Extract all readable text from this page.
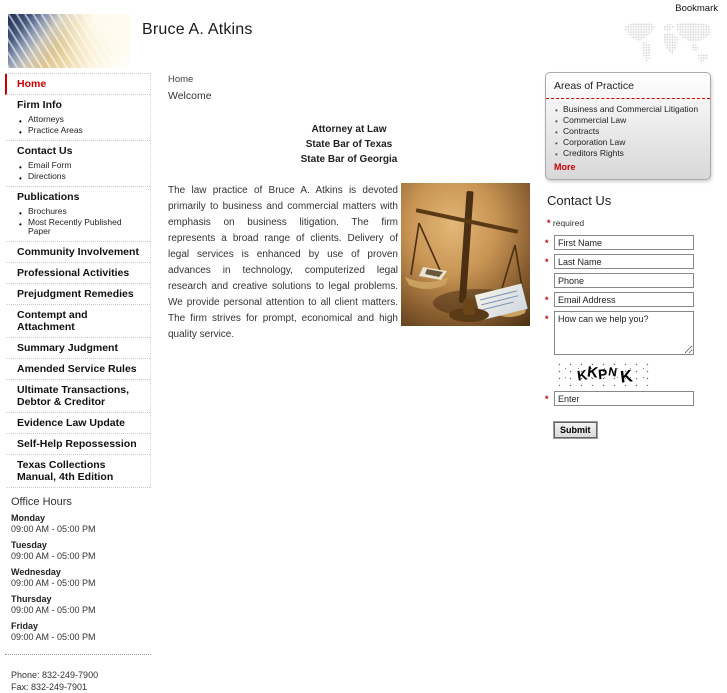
Bookmark
Bruce A. Atkins
Home
Firm Info
• Attorneys
• Practice Areas
Contact Us
• Email Form
• Directions
Publications
• Brochures
• Most Recently Published Paper
Community Involvement
Professional Activities
Prejudgment Remedies
Contempt and Attachment
Summary Judgment
Amended Service Rules
Ultimate Transactions, Debtor & Creditor
Evidence Law Update
Self-Help Repossession
Texas Collections Manual, 4th Edition
Office Hours
Monday
09:00 AM - 05:00 PM
Tuesday
09:00 AM - 05:00 PM
Wednesday
09:00 AM - 05:00 PM
Thursday
09:00 AM - 05:00 PM
Friday
09:00 AM - 05:00 PM
Phone: 832-249-7900
Fax: 832-249-7901
Home
Welcome
Attorney at Law
State Bar of Texas
State Bar of Georgia

The law practice of Bruce A. Atkins is devoted primarily to business and commercial matters with emphasis on business litigation. The firm represents a broad range of clients. Delivery of legal services is enhanced by use of proven advances in technology, computerized legal research and creative solutions to legal problems. We provide personal attention to all client matters. The firm strives for prompt, economical and high quality service.

Areas of Practice
• Business and Commercial Litigation
• Commercial Law
• Contracts
• Corporation Law
• Creditors Rights
More
Contact Us
* required
*
First Name
*
Last Name
Phone
*
Email Address
*
How can we help you?
K
K
P
N K
*
Enter
Submit
